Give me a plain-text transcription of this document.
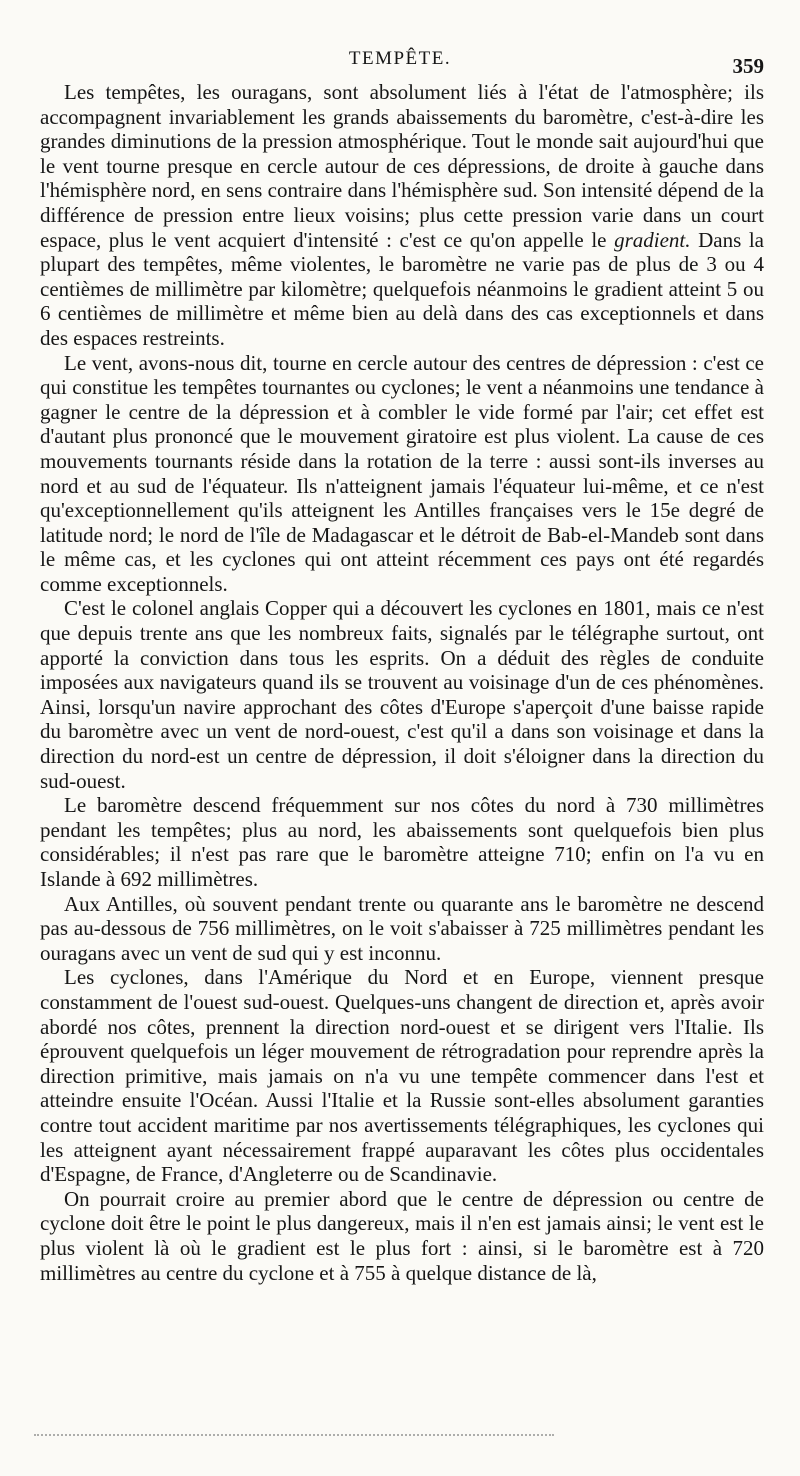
TEMPÊTE.	359

Les tempêtes, les ouragans, sont absolument liés à l'état de l'atmosphère; ils accompagnent invariablement les grands abaissements du baromètre, c'est-à-dire les grandes diminutions de la pression atmosphérique. Tout le monde sait aujourd'hui que le vent tourne presque en cercle autour de ces dépressions, de droite à gauche dans l'hémisphère nord, en sens contraire dans l'hémisphère sud. Son intensité dépend de la différence de pression entre lieux voisins; plus cette pression varie dans un court espace, plus le vent acquiert d'intensité : c'est ce qu'on appelle le gradient. Dans la plupart des tempêtes, même violentes, le baromètre ne varie pas de plus de 3 ou 4 centièmes de millimètre par kilomètre; quelquefois néanmoins le gradient atteint 5 ou 6 centièmes de millimètre et même bien au delà dans des cas exceptionnels et dans des espaces restreints.

Le vent, avons-nous dit, tourne en cercle autour des centres de dépression : c'est ce qui constitue les tempêtes tournantes ou cyclones; le vent a néanmoins une tendance à gagner le centre de la dépression et à combler le vide formé par l'air; cet effet est d'autant plus prononcé que le mouvement giratoire est plus violent. La cause de ces mouvements tournants réside dans la rotation de la terre : aussi sont-ils inverses au nord et au sud de l'équateur. Ils n'atteignent jamais l'équateur lui-même, et ce n'est qu'exceptionnellement qu'ils atteignent les Antilles françaises vers le 15e degré de latitude nord; le nord de l'île de Madagascar et le détroit de Bab-el-Mandeb sont dans le même cas, et les cyclones qui ont atteint récemment ces pays ont été regardés comme exceptionnels.

C'est le colonel anglais Copper qui a découvert les cyclones en 1801, mais ce n'est que depuis trente ans que les nombreux faits, signalés par le télégraphe surtout, ont apporté la conviction dans tous les esprits. On a déduit des règles de conduite imposées aux navigateurs quand ils se trouvent au voisinage d'un de ces phénomènes. Ainsi, lorsqu'un navire approchant des côtes d'Europe s'aperçoit d'une baisse rapide du baromètre avec un vent de nord-ouest, c'est qu'il a dans son voisinage et dans la direction du nord-est un centre de dépression, il doit s'éloigner dans la direction du sud-ouest.

Le baromètre descend fréquemment sur nos côtes du nord à 730 millimètres pendant les tempêtes; plus au nord, les abaissements sont quelquefois bien plus considérables; il n'est pas rare que le baromètre atteigne 710; enfin on l'a vu en Islande à 692 millimètres.

Aux Antilles, où souvent pendant trente ou quarante ans le baromètre ne descend pas au-dessous de 756 millimètres, on le voit s'abaisser à 725 millimètres pendant les ouragans avec un vent de sud qui y est inconnu.

Les cyclones, dans l'Amérique du Nord et en Europe, viennent presque constamment de l'ouest sud-ouest. Quelques-uns changent de direction et, après avoir abordé nos côtes, prennent la direction nord-ouest et se dirigent vers l'Italie. Ils éprouvent quelquefois un léger mouvement de rétrogradation pour reprendre après la direction primitive, mais jamais on n'a vu une tempête commencer dans l'est et atteindre ensuite l'Océan. Aussi l'Italie et la Russie sont-elles absolument garanties contre tout accident maritime par nos avertissements télégraphiques, les cyclones qui les atteignent ayant nécessairement frappé auparavant les côtes plus occidentales d'Espagne, de France, d'Angleterre ou de Scandinavie.

On pourrait croire au premier abord que le centre de dépression ou centre de cyclone doit être le point le plus dangereux, mais il n'en est jamais ainsi; le vent est le plus violent là où le gradient est le plus fort : ainsi, si le baromètre est à 720 millimètres au centre du cyclone et à 755 à quelque distance de là,
